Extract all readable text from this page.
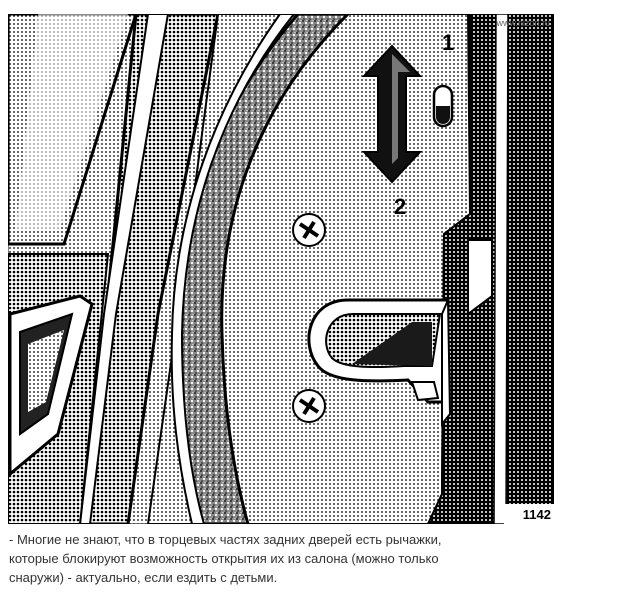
1
2
www.nizon.ru
1142
- Многие не знают, что в торцевых частях задних дверей есть рычажки,
которые блокируют возможность открытия их из салона (можно только
снаружи) - актуально, если ездить с детьми.
